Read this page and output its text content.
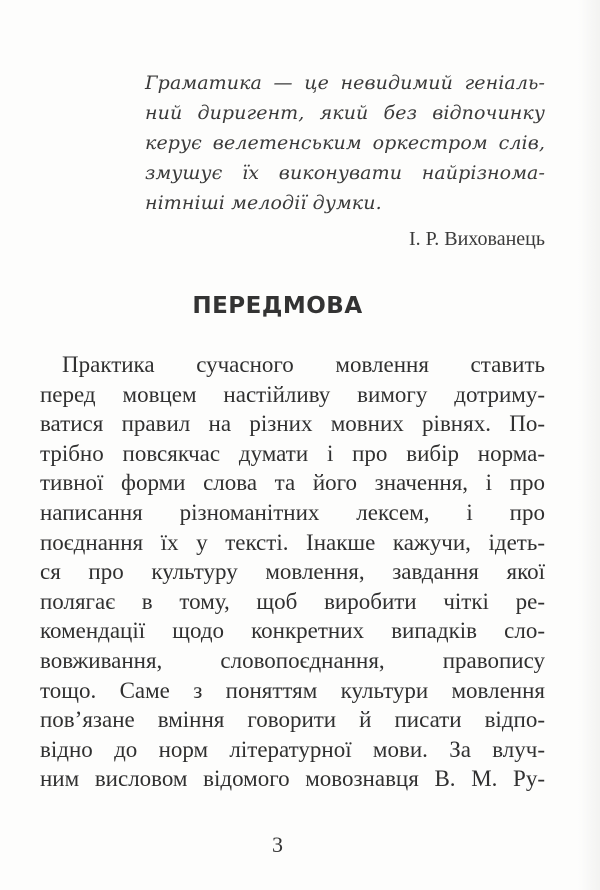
Граматика — це невидимий геніаль-
ний диригент, який без відпочинку
керує велетенським оркестром слів,
змушує їх виконувати найрізнома-
нітніші мелодії думки.
І. Р. Вихованець
ПЕРЕДМОВА
Практика сучасного мовлення ставить
перед мовцем настійливу вимогу дотриму-
ватися правил на різних мовних рівнях. По-
трібно повсякчас думати і про вибір норма-
тивної форми слова та його значення, і про
написання різноманітних лексем, і про
поєднання їх у тексті. Інакше кажучи, ідеть-
ся про культуру мовлення, завдання якої
полягає в тому, щоб виробити чіткі ре-
комендації щодо конкретних випадків сло-
вовживання, словопоєднання, правопису
тощо. Саме з поняттям культури мовлення
пов’язане вміння говорити й писати відпо-
відно до норм літературної мови. За влуч-
ним висловом відомого мовознавця В. М. Ру-
3
